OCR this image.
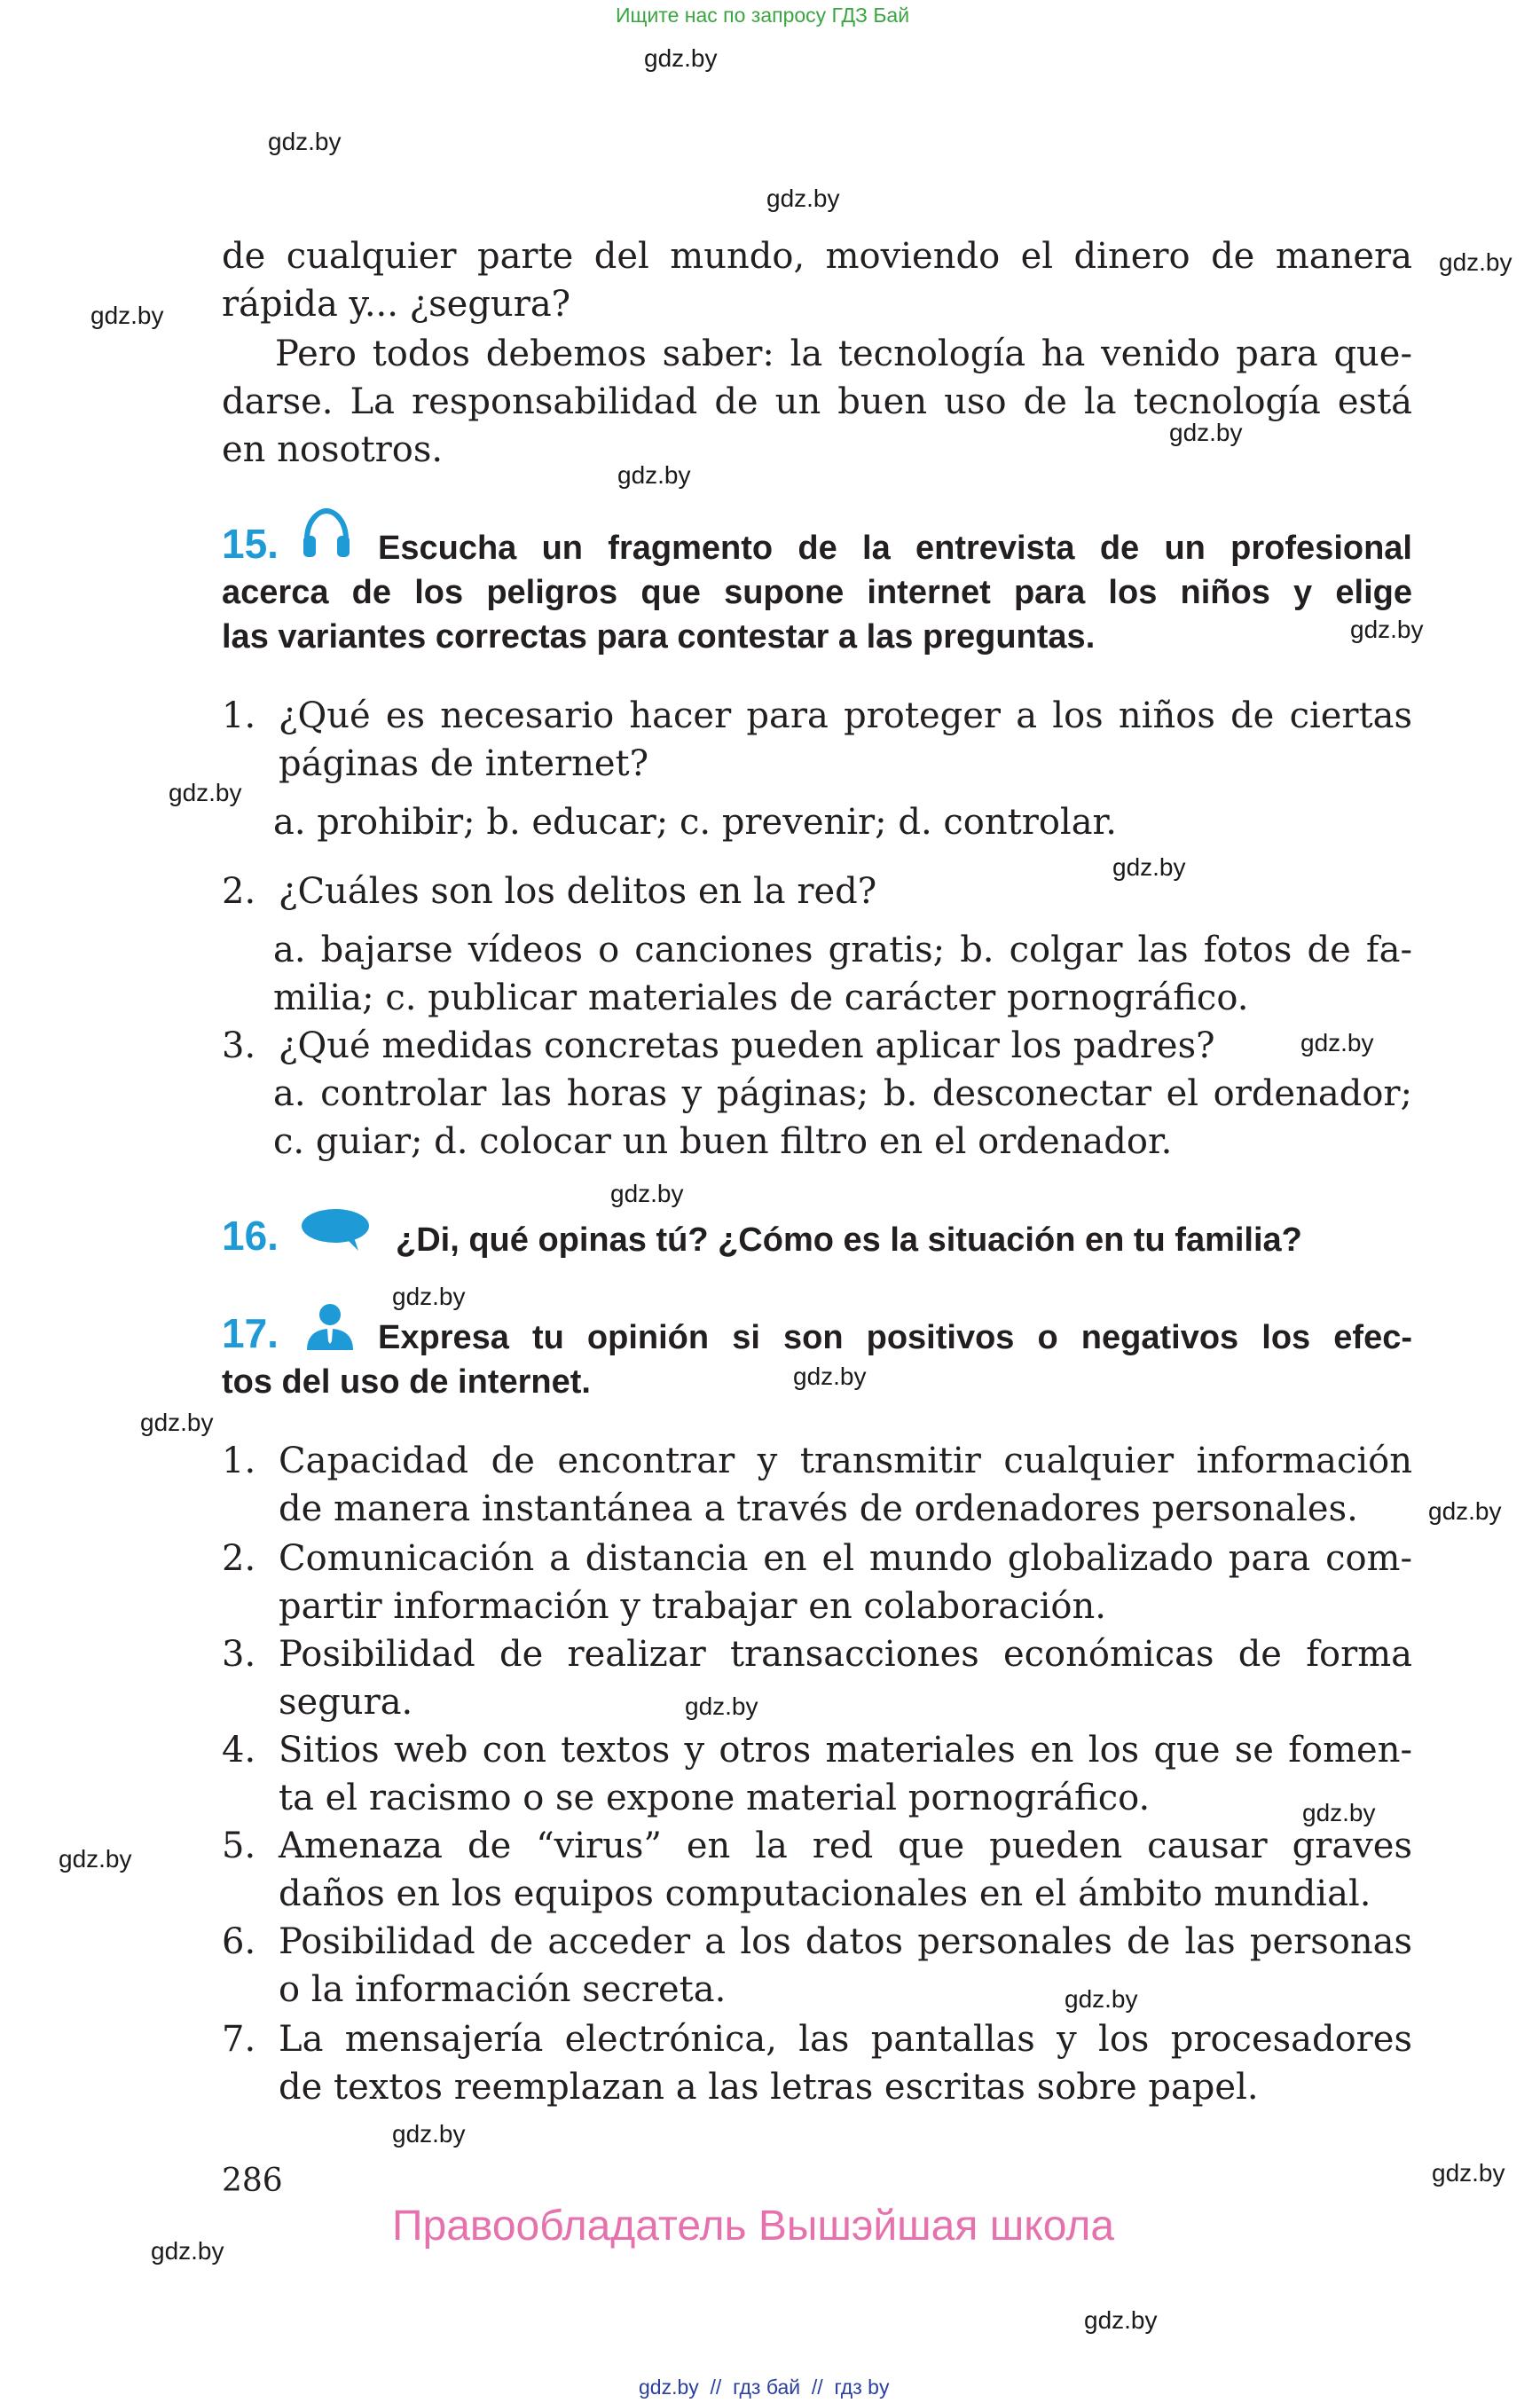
Ищите нас по запросу ГДЗ Бай
gdz.by
gdz.by
gdz.by
gdz.by
gdz.by
gdz.by
gdz.by
gdz.by
gdz.by
gdz.by
gdz.by
gdz.by
gdz.by
gdz.by
gdz.by
gdz.by
gdz.by
gdz.by
gdz.by
gdz.by
gdz.by
gdz.by
gdz.by
gdz.by
de cualquier parte del mundo, moviendo el dinero de manera
rápida y... ¿segura?
Pero todos debemos saber: la tecnología ha venido para que-
darse. La responsabilidad de un buen uso de la tecnología está
en nosotros.
15.	Escucha un fragmento de la entrevista de un profesional
acerca de los peligros que supone internet para los niños y elige
las variantes correctas para contestar a las preguntas.
1. ¿Qué es necesario hacer para proteger a los niños de ciertas
páginas de internet?
a. prohibir; b. educar; c. prevenir; d. controlar.
2. ¿Cuáles son los delitos en la red?
a. bajarse vídeos o canciones gratis; b. colgar las fotos de fa-
milia; c. publicar materiales de carácter pornográfico.
3. ¿Qué medidas concretas pueden aplicar los padres?
a. controlar las horas y páginas; b. desconectar el ordenador;
c. guiar; d. colocar un buen filtro en el ordenador.
16.	¿Di, qué opinas tú? ¿Cómo es la situación en tu familia?
17.	Expresa tu opinión si son positivos o negativos los efec-
tos del uso de internet.
1. Capacidad de encontrar y transmitir cualquier información
de manera instantánea a través de ordenadores personales.
2. Comunicación a distancia en el mundo globalizado para com-
partir información y trabajar en colaboración.
3. Posibilidad de realizar transacciones económicas de forma
segura.
4. Sitios web con textos y otros materiales en los que se fomen-
ta el racismo o se expone material pornográfico.
5. Amenaza de “virus” en la red que pueden causar graves
daños en los equipos computacionales en el ámbito mundial.
6. Posibilidad de acceder a los datos personales de las personas
o la información secreta.
7. La mensajería electrónica, las pantallas y los procesadores
de textos reemplazan a las letras escritas sobre papel.
286
Правообладатель Вышэйшая школа
gdz.by  //  гдз бай  //  гдз by
